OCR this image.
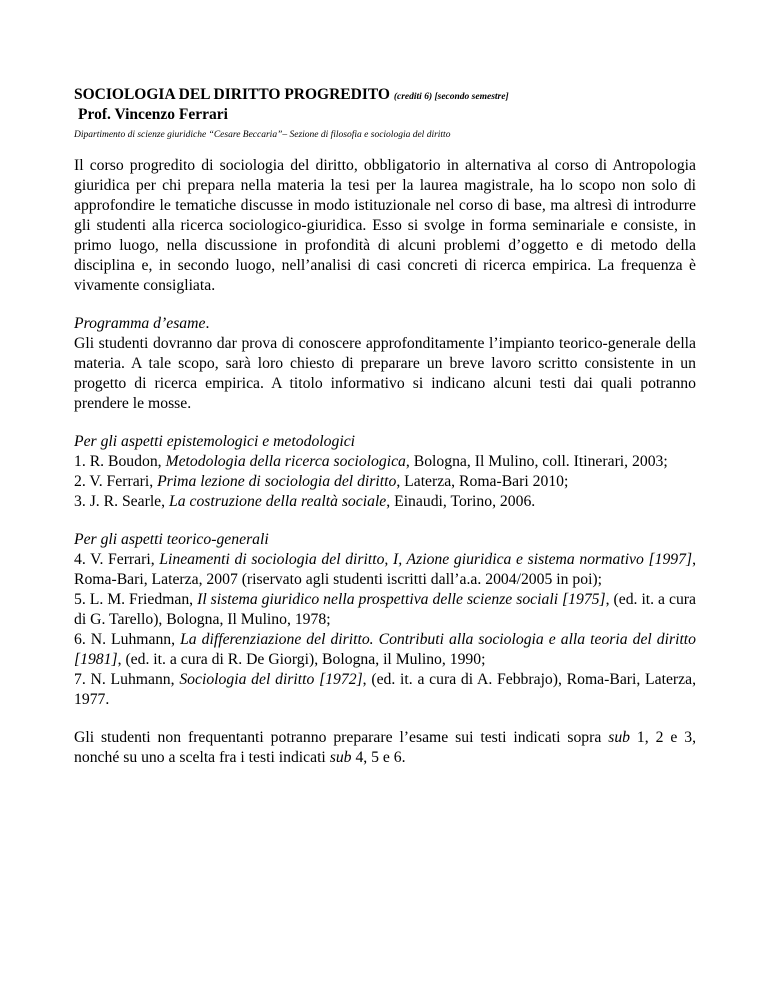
SOCIOLOGIA DEL DIRITTO PROGREDITO (crediti 6) [secondo semestre]

Prof. Vincenzo Ferrari

Dipartimento di scienze giuridiche “Cesare Beccaria”– Sezione di filosofia e sociologia del diritto

Il corso progredito di sociologia del diritto, obbligatorio in alternativa al corso di Antropologia giuridica per chi prepara nella materia la tesi per la laurea magistrale, ha lo scopo non solo di approfondire le tematiche discusse in modo istituzionale nel corso di base, ma altresì di introdurre gli studenti alla ricerca sociologico-giuridica. Esso si svolge in forma seminariale e consiste, in primo luogo, nella discussione in profondità di alcuni problemi d’oggetto e di metodo della disciplina e, in secondo luogo, nell’analisi di casi concreti di ricerca empirica. La frequenza è vivamente consigliata.

Programma d’esame.

Gli studenti dovranno dar prova di conoscere approfonditamente l’impianto teorico-generale della materia. A tale scopo, sarà loro chiesto di preparare un breve lavoro scritto consistente in un progetto di ricerca empirica. A titolo informativo si indicano alcuni testi dai quali potranno prendere le mosse.

Per gli aspetti epistemologici e metodologici

1. R. Boudon, Metodologia della ricerca sociologica, Bologna, Il Mulino, coll. Itinerari, 2003;
2. V. Ferrari, Prima lezione di sociologia del diritto, Laterza, Roma-Bari 2010;
3. J. R. Searle, La costruzione della realtà sociale, Einaudi, Torino, 2006.

Per gli aspetti teorico-generali

4. V. Ferrari, Lineamenti di sociologia del diritto, I, Azione giuridica e sistema normativo [1997], Roma-Bari, Laterza, 2007 (riservato agli studenti iscritti dall’a.a. 2004/2005 in poi);
5. L. M. Friedman, Il sistema giuridico nella prospettiva delle scienze sociali [1975], (ed. it. a cura di G. Tarello), Bologna, Il Mulino, 1978;
6. N. Luhmann, La differenziazione del diritto. Contributi alla sociologia e alla teoria del diritto [1981], (ed. it. a cura di R. De Giorgi), Bologna, il Mulino, 1990;
7. N. Luhmann, Sociologia del diritto [1972], (ed. it. a cura di A. Febbrajo), Roma-Bari, Laterza, 1977.

Gli studenti non frequentanti potranno preparare l’esame sui testi indicati sopra sub 1, 2 e 3, nonché su uno a scelta fra i testi indicati sub 4, 5 e 6.
